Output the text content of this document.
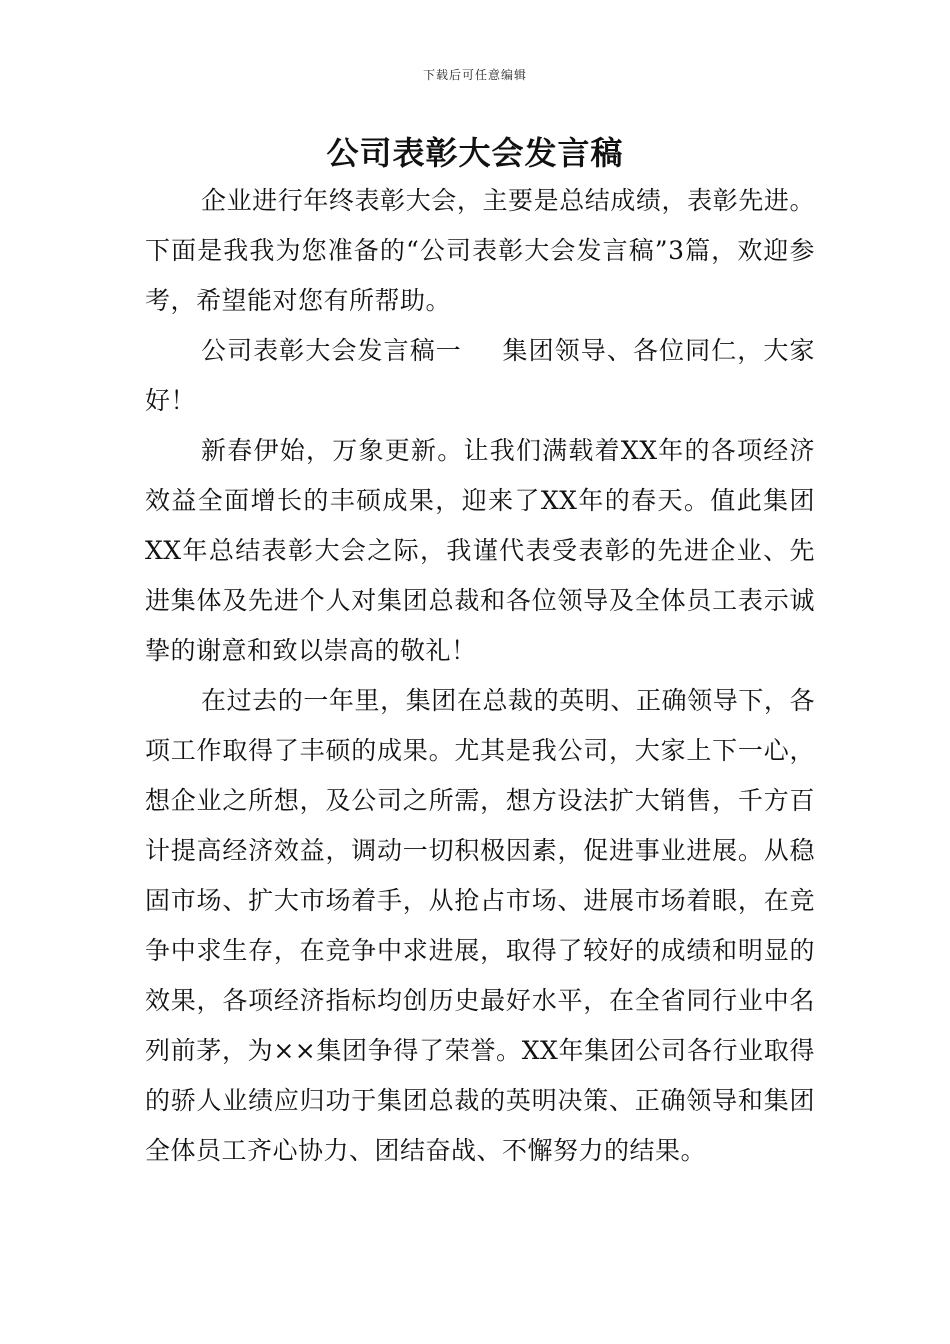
下载后可任意编辑
公司表彰大会发言稿

企业进行年终表彰大会，主要是总结成绩，表彰先进。下面是我我为您准备的“公司表彰大会发言稿”3篇，欢迎参考，希望能对您有所帮助。

公司表彰大会发言稿一 集团领导、各位同仁，大家好！

新春伊始，万象更新。让我们满载着XX年的各项经济效益全面增长的丰硕成果，迎来了XX年的春天。值此集团XX年总结表彰大会之际，我谨代表受表彰的先进企业、先进集体及先进个人对集团总裁和各位领导及全体员工表示诚挚的谢意和致以崇高的敬礼！

在过去的一年里，集团在总裁的英明、正确领导下，各项工作取得了丰硕的成果。尤其是我公司，大家上下一心，想企业之所想，及公司之所需，想方设法扩大销售，千方百计提高经济效益，调动一切积极因素，促进事业进展。从稳固市场、扩大市场着手，从抢占市场、进展市场着眼，在竞争中求生存，在竞争中求进展，取得了较好的成绩和明显的效果，各项经济指标均创历史最好水平，在全省同行业中名列前茅，为××集团争得了荣誉。XX年集团公司各行业取得的骄人业绩应归功于集团总裁的英明决策、正确领导和集团全体员工齐心协力、团结奋战、不懈努力的结果。
